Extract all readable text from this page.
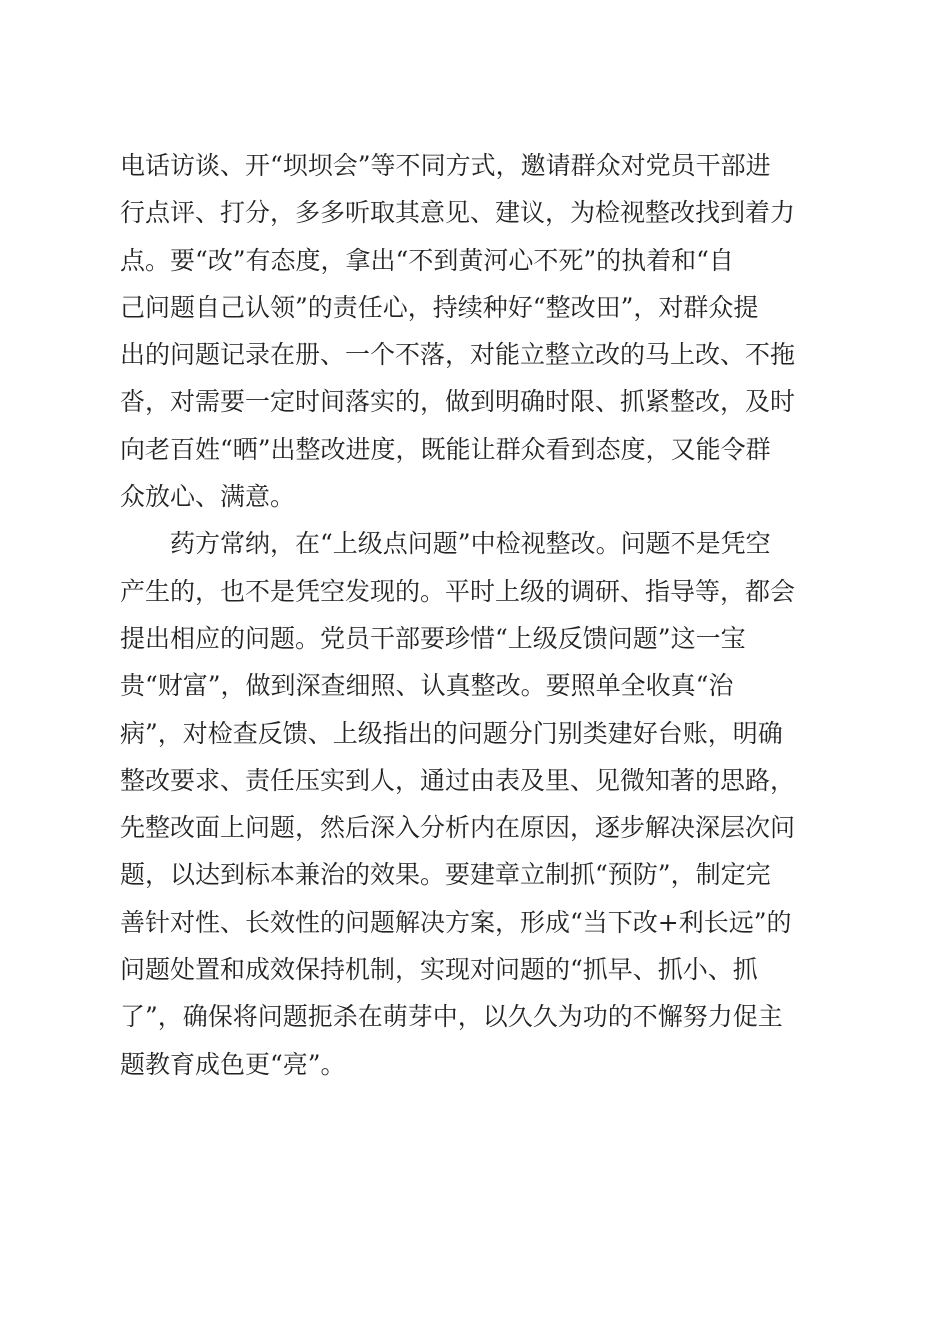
电话访谈、开“坝坝会”等不同方式，邀请群众对党员干部进
行点评、打分，多多听取其意见、建议，为检视整改找到着力
点。要“改”有态度，拿出“不到黄河心不死”的执着和“自
己问题自己认领”的责任心，持续种好“整改田”，对群众提
出的问题记录在册、一个不落，对能立整立改的马上改、不拖
沓，对需要一定时间落实的，做到明确时限、抓紧整改，及时
向老百姓“晒”出整改进度，既能让群众看到态度，又能令群
众放心、满意。
药方常纳，在“上级点问题”中检视整改。问题不是凭空
产生的，也不是凭空发现的。平时上级的调研、指导等，都会
提出相应的问题。党员干部要珍惜“上级反馈问题”这一宝
贵“财富”，做到深查细照、认真整改。要照单全收真“治
病”，对检查反馈、上级指出的问题分门别类建好台账，明确
整改要求、责任压实到人，通过由表及里、见微知著的思路，
先整改面上问题，然后深入分析内在原因，逐步解决深层次问
题，以达到标本兼治的效果。要建章立制抓“预防”，制定完
善针对性、长效性的问题解决方案，形成“当下改+利长远”的
问题处置和成效保持机制，实现对问题的“抓早、抓小、抓
了”，确保将问题扼杀在萌芽中，以久久为功的不懈努力促主
题教育成色更“亮”。
